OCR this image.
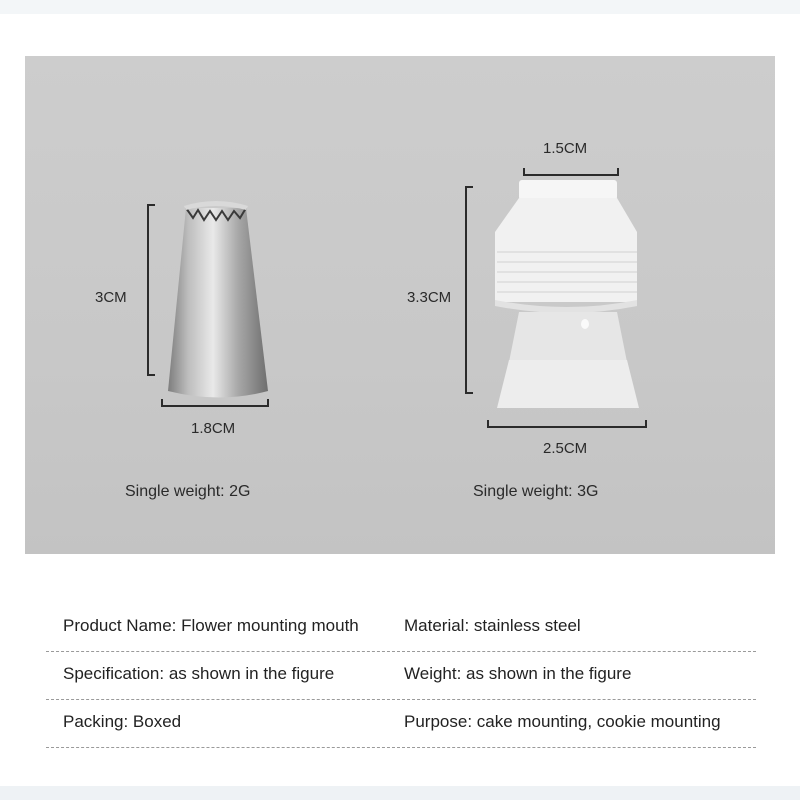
3CM
1.8CM
Single weight: 2G
1.5CM
3.3CM
2.5CM
Single weight: 3G
Product Name: Flower mounting mouth	Material: stainless steel
Specification: as shown in the figure	Weight: as shown in the figure
Packing: Boxed	Purpose: cake mounting, cookie mounting
